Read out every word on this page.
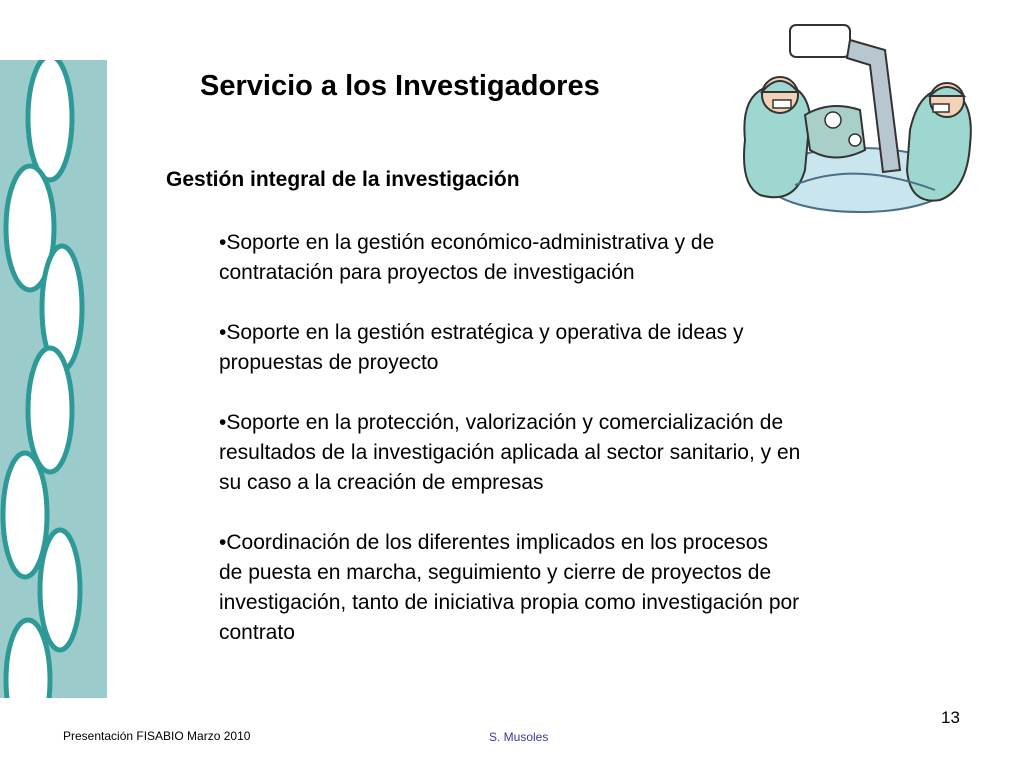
Servicio a los Investigadores
Gestión integral de la investigación
•Soporte en la gestión económico-administrativa y de
contratación para proyectos de investigación
•Soporte en la gestión estratégica y operativa de ideas y
propuestas de proyecto
•Soporte en la protección, valorización y comercialización de
resultados de la investigación aplicada al sector sanitario, y en
su caso a la creación de empresas
•Coordinación de los diferentes implicados en los procesos
de puesta en marcha, seguimiento y cierre de proyectos de
investigación, tanto de iniciativa propia como investigación por
contrato
13
Presentación FISABIO Marzo 2010	S. Musoles
